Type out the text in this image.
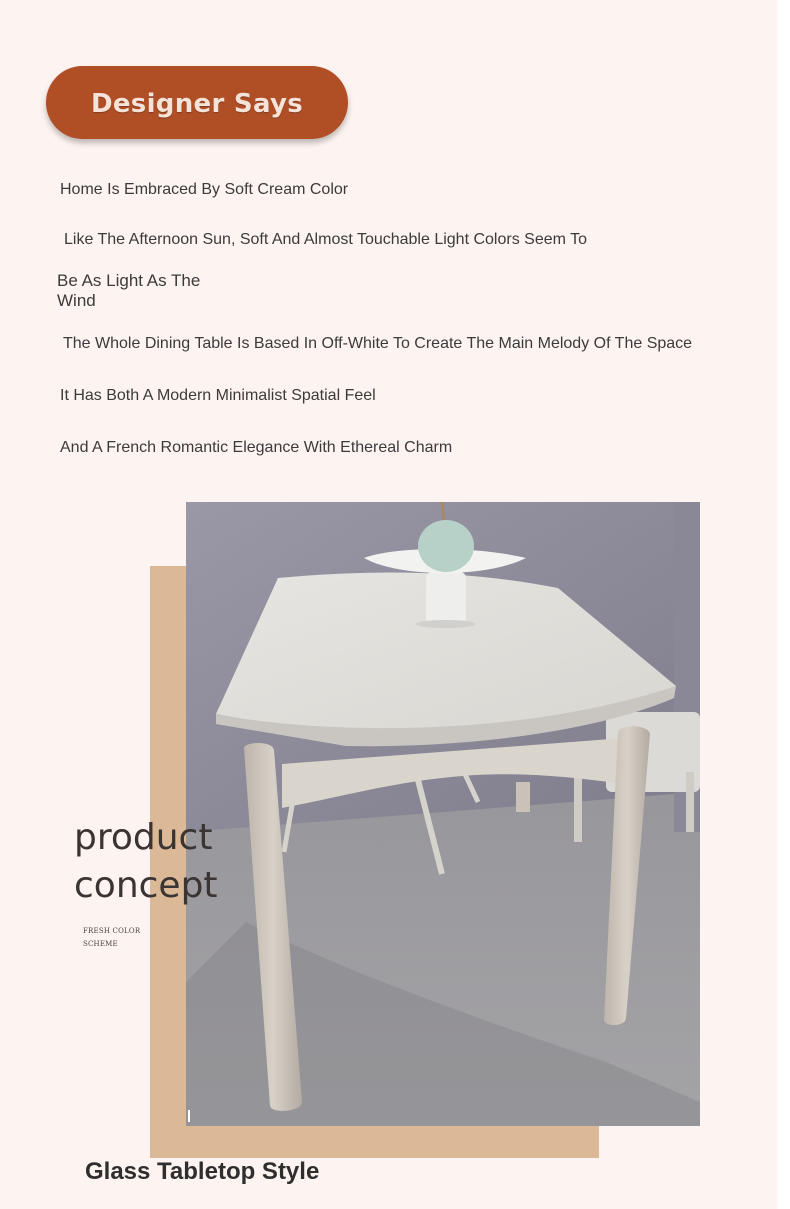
Designer Says
Home Is Embraced By Soft Cream Color
Like The Afternoon Sun, Soft And Almost Touchable Light Colors Seem To
Be As Light As The Wind
The Whole Dining Table Is Based In Off-White To Create The Main Melody Of The Space
It Has Both A Modern Minimalist Spatial Feel
And A French Romantic Elegance With Ethereal Charm
product
concept
FRESH COLOR SCHEME
Glass Tabletop Style
